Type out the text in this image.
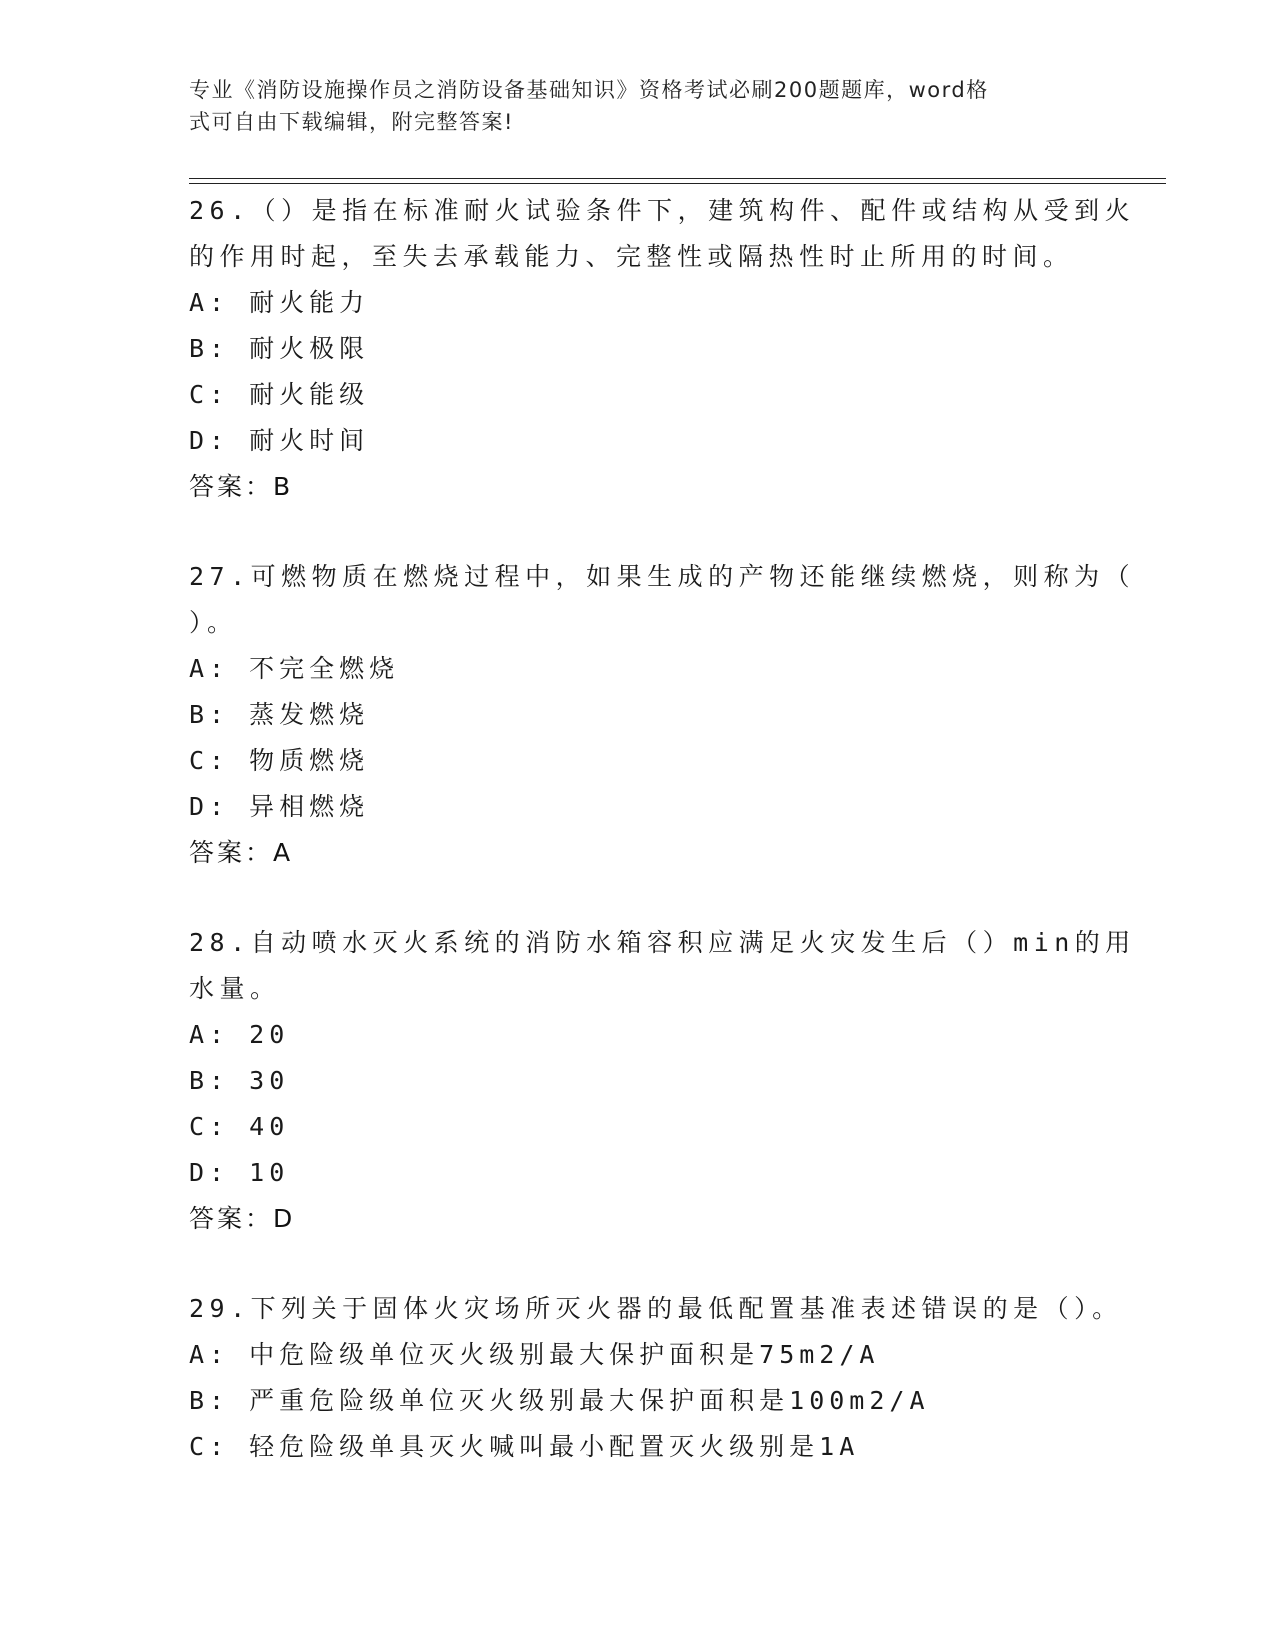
专业《消防设施操作员之消防设备基础知识》资格考试必刷200题题库，word格
式可自由下载编辑，附完整答案!
26.（）是指在标准耐火试验条件下，建筑构件、配件或结构从受到火
的作用时起，至失去承载能力、完整性或隔热性时止所用的时间。
A: 耐火能力
B: 耐火极限
C: 耐火能级
D: 耐火时间
答案：B
27.可燃物质在燃烧过程中，如果生成的产物还能继续燃烧，则称为（
）。
A: 不完全燃烧
B: 蒸发燃烧
C: 物质燃烧
D: 异相燃烧
答案：A
28.自动喷水灭火系统的消防水箱容积应满足火灾发生后（）min的用
水量。
A: 20
B: 30
C: 40
D: 10
答案：D
29.下列关于固体火灾场所灭火器的最低配置基准表述错误的是（）。
A: 中危险级单位灭火级别最大保护面积是75m2/A
B: 严重危险级单位灭火级别最大保护面积是100m2/A
C: 轻危险级单具灭火喊叫最小配置灭火级别是1A
